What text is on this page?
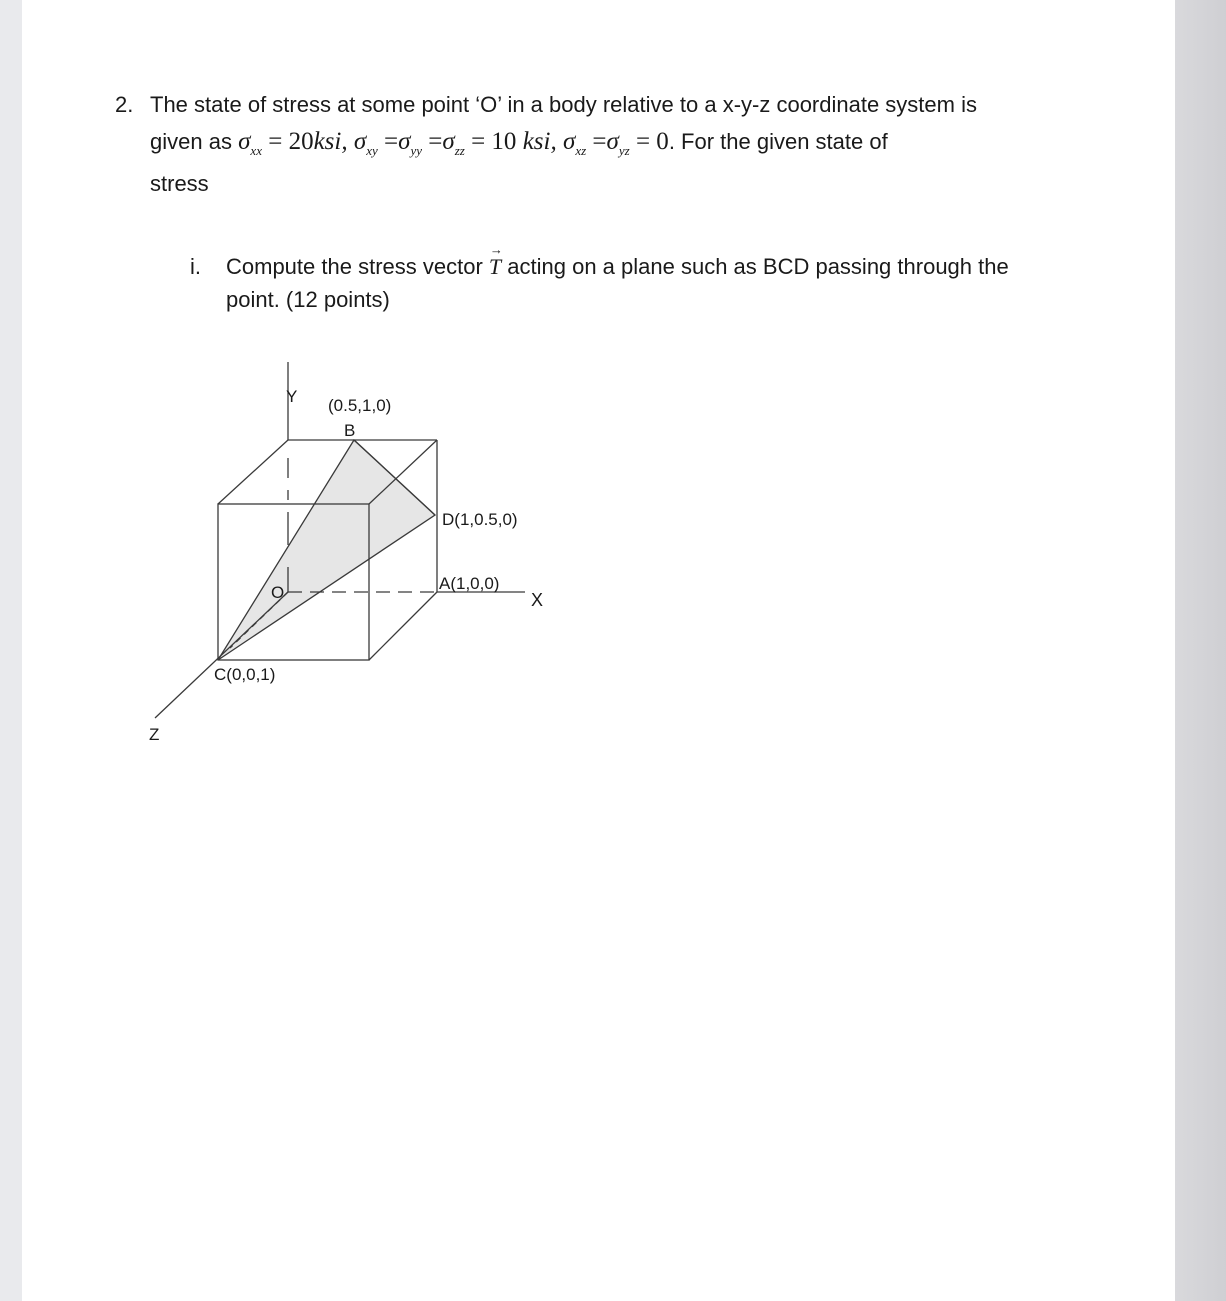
2. The state of stress at some point ‘O’ in a body relative to a x-y-z coordinate system is
given as $\sigma_{xx} = 20ksi$, $\sigma_{xy} =\sigma_{yy} =\sigma_{zz} = 10$ ksi, $\sigma_{xz} =\sigma_{yz} = 0$. For the given state of
stress
i. Compute the stress vector → T acting on a plane such as BCD passing through the
point. (12 points)
Y (0.5,1,0)
B
D(1,0.5,0)
A(1,0,0)
X
O
C(0,0,1)
Z
